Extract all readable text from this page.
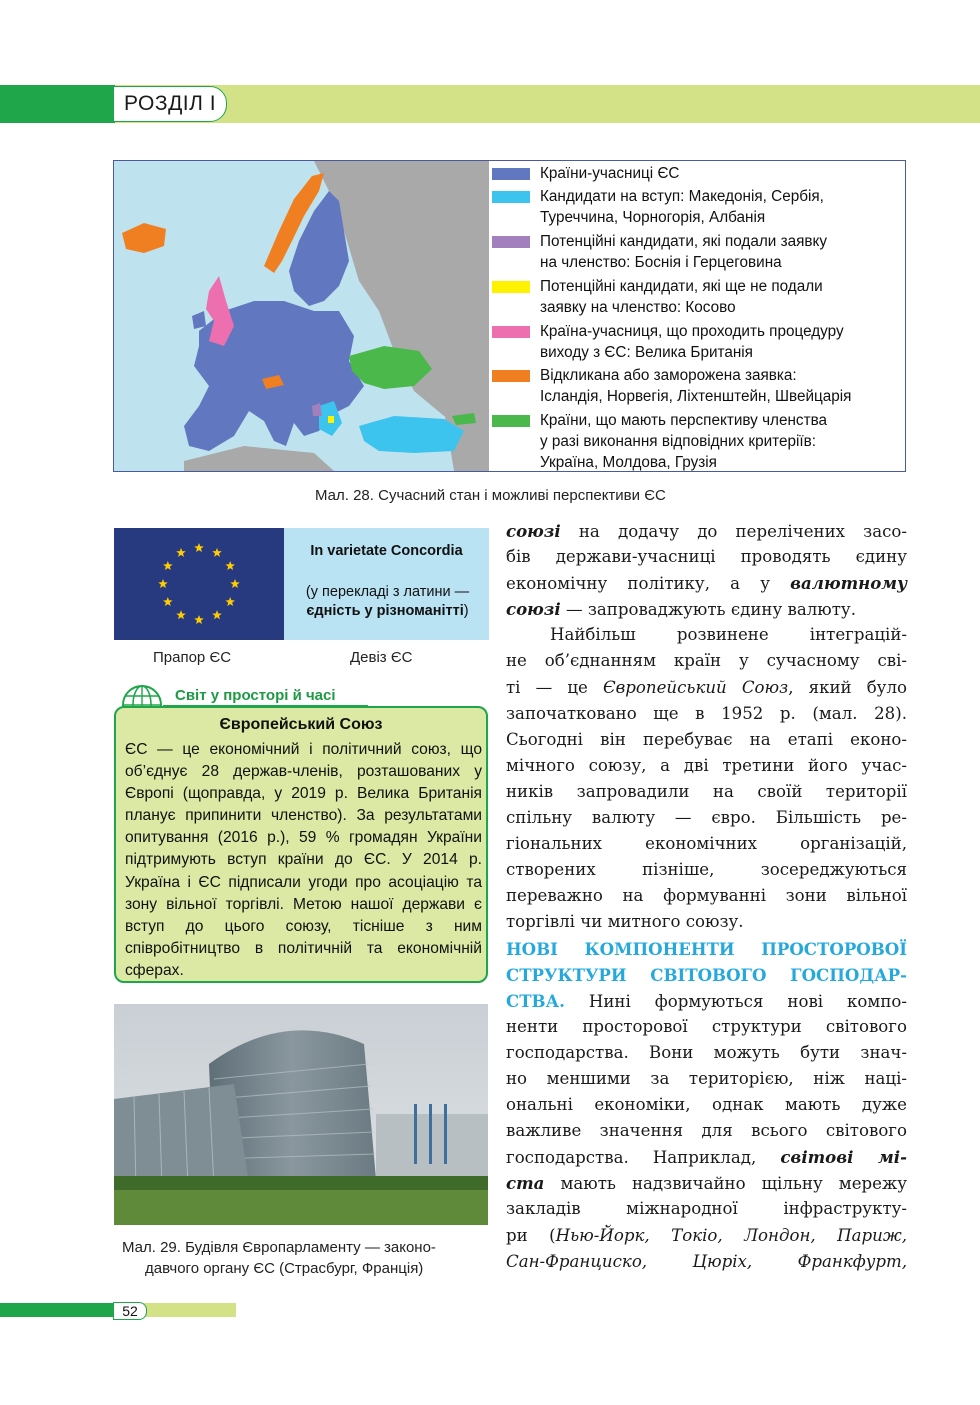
РОЗДІЛ І
Країни-учасниці ЄС
Кандидати на вступ: Македонія, Сербія,
Туреччина, Чорногорія, Албанія
Потенційні кандидати, які подали заявку
на членство: Боснія і Герцеговина
Потенційні кандидати, які ще не подали
заявку на членство: Косово
Країна-учасниця, що проходить процедуру
виходу з ЄС: Велика Британія
Відкликана або заморожена заявка:
Ісландія, Норвегія, Ліхтенштейн, Швейцарія
Країни, що мають перспективу членства
у разі виконання відповідних критеріїв:
Україна, Молдова, Грузія
Мал. 28. Сучасний стан і можливі перспективи ЄС
In varietate Concordia
(у перекладі з латини —
єдність у різноманітті)
Прапор ЄС	Девіз ЄС
Світ у просторі й часі
Європейський Союз
ЄС — це економічний і політичний союз, що об’єднує 28 держав-членів, розташованих у Європі (щоправда, у 2019 р. Велика Британія планує припинити членство). За результатами опитування (2016 р.), 59 % громадян України підтримують вступ країни до ЄС. У 2014 р. Україна і ЄС підписали угоди про асоціацію та зону вільної торгівлі. Метою нашої держави є вступ до цього союзу, тісніше з ним співробітництво в політичній та економічній сферах.
Мал. 29. Будівля Європарламенту — законо-
давчого органу ЄС (Страсбург, Франція)
союзі на додачу до перелічених засо-
бів держави-учасниці проводять єдину
економічну політику, а у валютному
союзі — запроваджують єдину валюту.
Найбільш розвинене інтеграцій-
не об’єднанням країн у сучасному сві-
ті — це Європейський Союз, який було
започатковано ще в 1952 р. (мал. 28).
Сьогодні він перебуває на етапі еконо-
мічного союзу, а дві третини його учас-
ників запровадили на своїй території
спільну валюту — євро. Більшість ре-
гіональних економічних організацій,
створених пізніше, зосереджуються
переважно на формуванні зони вільної
торгівлі чи митного союзу.
НОВІ КОМПОНЕНТИ ПРОСТОРОВОЇ
СТРУКТУРИ СВІТОВОГО ГОСПОДАР-
СТВА. Нині формуються нові компо-
ненти просторової структури світового
господарства. Вони можуть бути знач-
но меншими за територією, ніж наці-
ональні економіки, однак мають дуже
важливе значення для всього світового
господарства. Наприклад, світові мі-
ста мають надзвичайно щільну мережу
закладів міжнародної інфраструкту-
ри (Нью-Йорк, Токіо, Лондон, Париж,
Сан-Франциско, Цюріх, Франкфурт,
52
